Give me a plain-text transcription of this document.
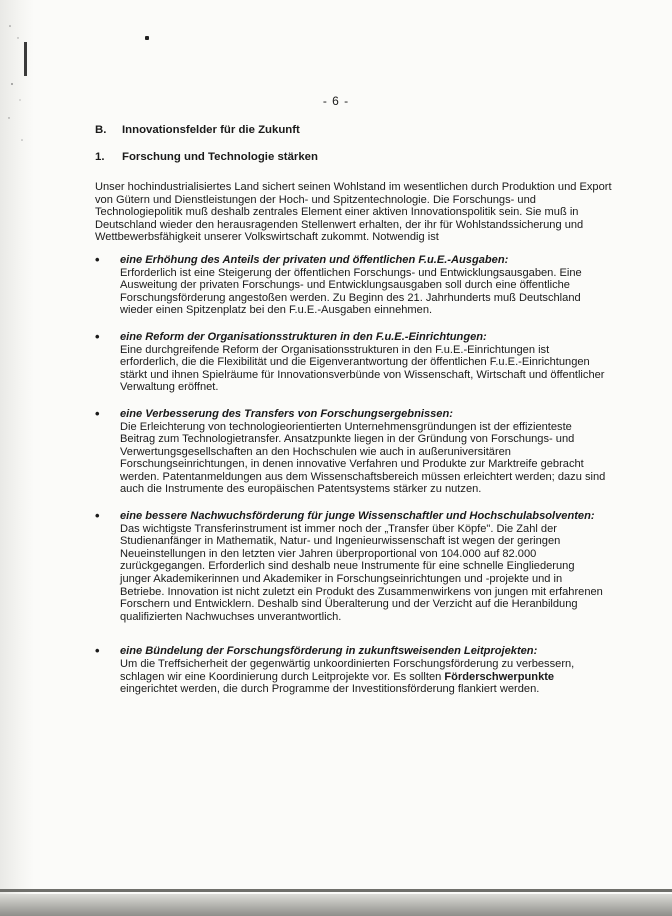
- 6 -
B.	Innovationsfelder für die Zukunft
1.	Forschung und Technologie stärken

Unser hochindustrialisiertes Land sichert seinen Wohlstand im wesentlichen durch Produktion und Export von Gütern und Dienstleistungen der Hoch- und Spitzentechnologie. Die Forschungs- und Technologiepolitik muß deshalb zentrales Element einer aktiven Innovationspolitik sein. Sie muß in Deutschland wieder den herausragenden Stellenwert erhalten, der ihr für Wohlstandssicherung und Wettbewerbsfähigkeit unserer Volkswirtschaft zukommt. Notwendig ist

•	eine Erhöhung des Anteils der privaten und öffentlichen F.u.E.-Ausgaben:
Erforderlich ist eine Steigerung der öffentlichen Forschungs- und Entwicklungsausgaben. Eine Ausweitung der privaten Forschungs- und Entwicklungsausgaben soll durch eine öffentliche Forschungsförderung angestoßen werden. Zu Beginn des 21. Jahrhunderts muß Deutschland wieder einen Spitzenplatz bei den F.u.E.-Ausgaben einnehmen.
•	eine Reform der Organisationsstrukturen in den F.u.E.-Einrichtungen:
Eine durchgreifende Reform der Organisationsstrukturen in den F.u.E.-Einrichtungen ist erforderlich, die die Flexibilität und die Eigenverantwortung der öffentlichen F.u.E.-Einrichtungen stärkt und ihnen Spielräume für Innovationsverbünde von Wissenschaft, Wirtschaft und öffentlicher Verwaltung eröffnet.
•	eine Verbesserung des Transfers von Forschungsergebnissen:
Die Erleichterung von technologieorientierten Unternehmensgründungen ist der effizienteste Beitrag zum Technologietransfer. Ansatzpunkte liegen in der Gründung von Forschungs- und Verwertungsgesellschaften an den Hochschulen wie auch in außeruniversitären Forschungseinrichtungen, in denen innovative Verfahren und Produkte zur Marktreife gebracht werden. Patentanmeldungen aus dem Wissenschaftsbereich müssen erleichtert werden; dazu sind auch die Instrumente des europäischen Patentsystems stärker zu nutzen.
•	eine bessere Nachwuchsförderung für junge Wissenschaftler und Hochschulabsolventen:
Das wichtigste Transferinstrument ist immer noch der „Transfer über Köpfe". Die Zahl der Studienanfänger in Mathematik, Natur- und Ingenieurwissenschaft ist wegen der geringen Neueinstellungen in den letzten vier Jahren überproportional von 104.000 auf 82.000 zurückgegangen. Erforderlich sind deshalb neue Instrumente für eine schnelle Eingliederung junger Akademikerinnen und Akademiker in Forschungseinrichtungen und -projekte und in Betriebe. Innovation ist nicht zuletzt ein Produkt des Zusammenwirkens von jungen mit erfahrenen Forschern und Entwicklern. Deshalb sind Überalterung und der Verzicht auf die Heranbildung qualifizierten Nachwuchses unverantwortlich.
•	eine Bündelung der Forschungsförderung in zukunftsweisenden Leitprojekten:
Um die Treffsicherheit der gegenwärtig unkoordinierten Forschungsförderung zu verbessern, schlagen wir eine Koordinierung durch Leitprojekte vor. Es sollten Förderschwerpunkte eingerichtet werden, die durch Programme der Investitionsförderung flankiert werden.
